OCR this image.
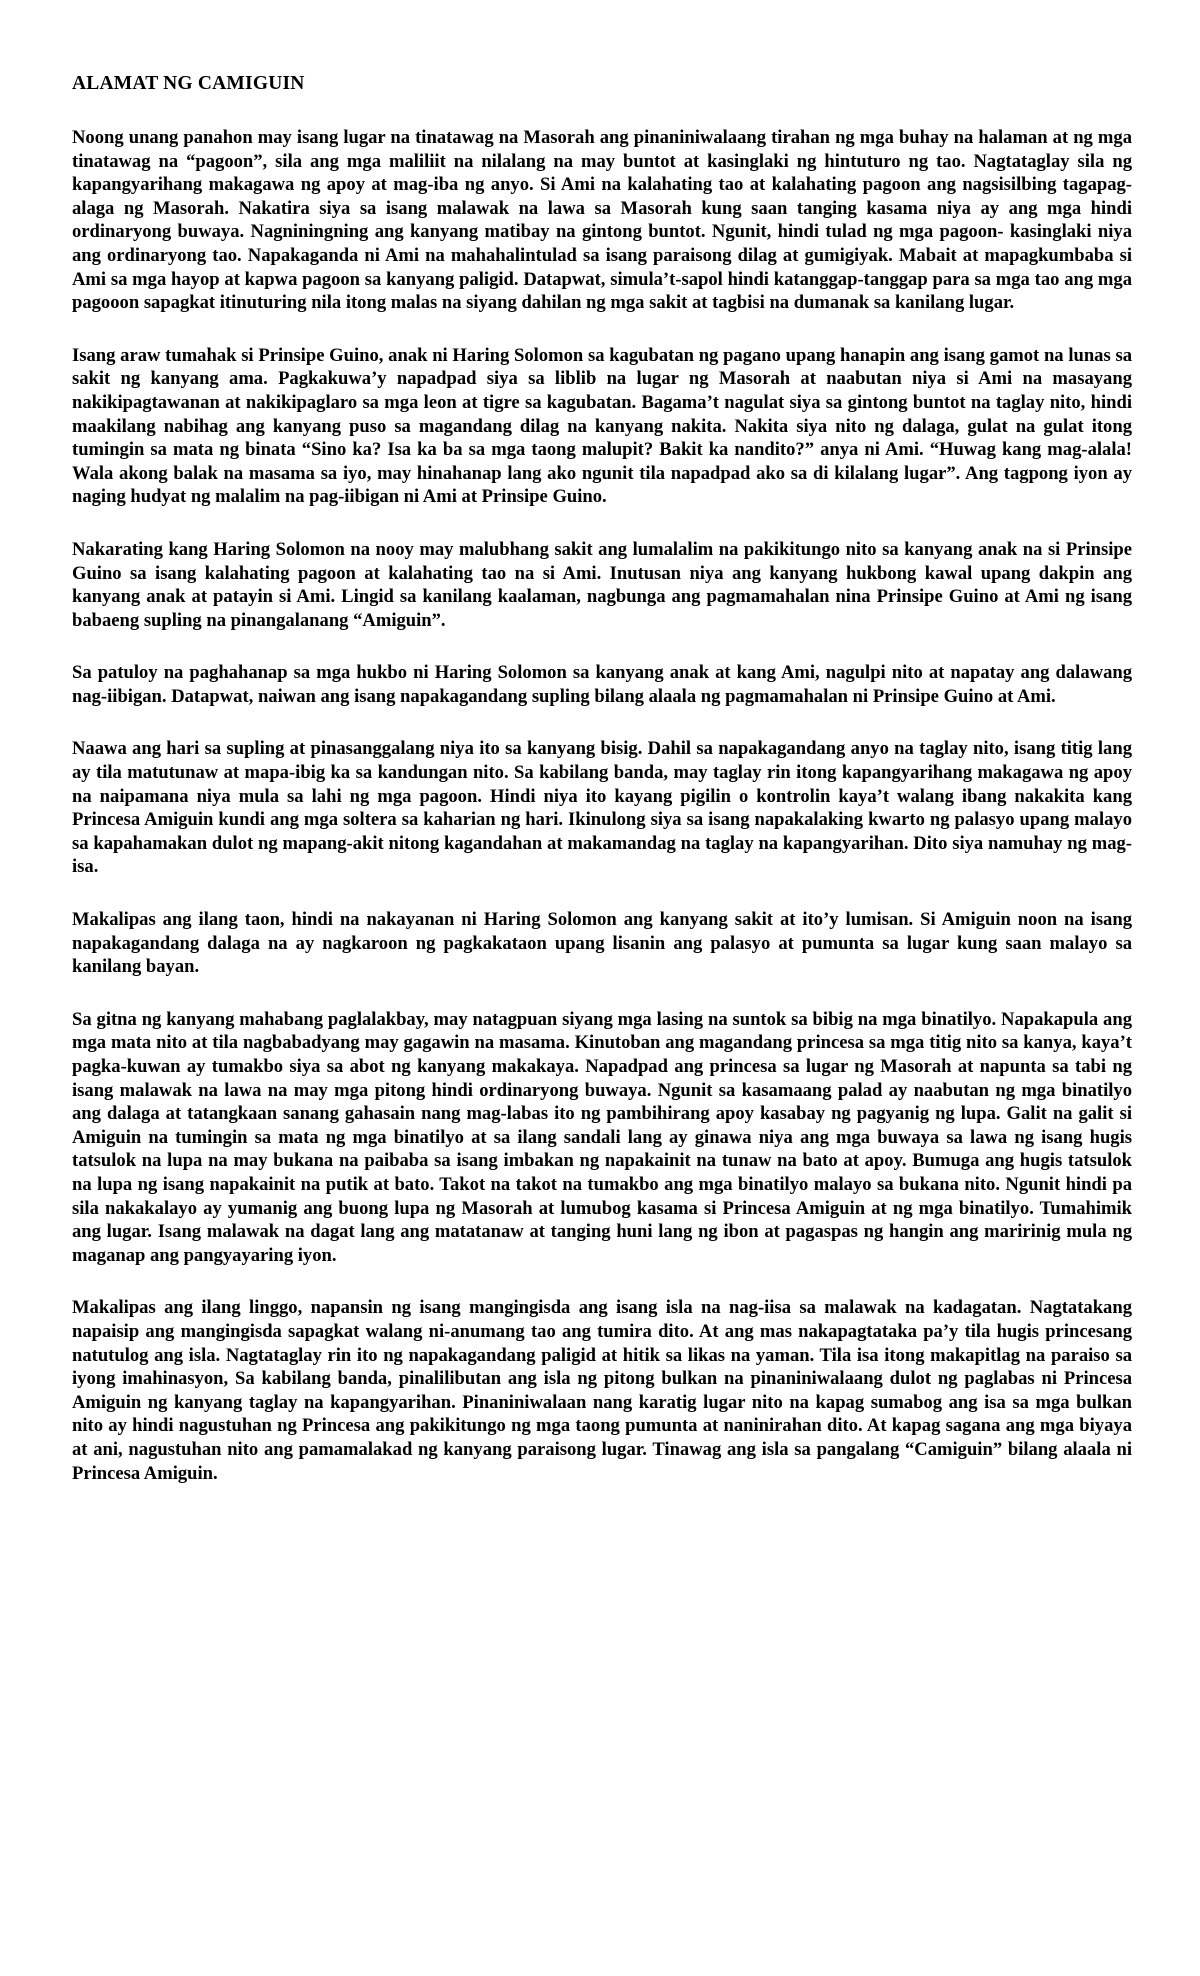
ALAMAT NG CAMIGUIN

Noong unang panahon may isang lugar na tinatawag na Masorah ang pinaniniwalaang tirahan ng mga buhay na halaman at ng mga tinatawag na “pagoon”, sila ang mga maliliit na nilalang na may buntot at kasinglaki ng hintuturo ng tao. Nagtataglay sila ng kapangyarihang makagawa ng apoy at mag-iba ng anyo. Si Ami na kalahating tao at kalahating pagoon ang nagsisilbing tagapag-alaga ng Masorah. Nakatira siya sa isang malawak na lawa sa Masorah kung saan tanging kasama niya ay ang mga hindi ordinaryong buwaya. Nagniningning ang kanyang matibay na gintong buntot. Ngunit, hindi tulad ng mga pagoon- kasinglaki niya ang ordinaryong tao. Napakaganda ni Ami na mahahalintulad sa isang paraisong dilag at gumigiyak. Mabait at mapagkumbaba si Ami sa mga hayop at kapwa pagoon sa kanyang paligid. Datapwat, simula’t-sapol hindi katanggap-tanggap para sa mga tao ang mga pagooon sapagkat itinuturing nila itong malas na siyang dahilan ng mga sakit at tagbisi na dumanak sa kanilang lugar.

Isang araw tumahak si Prinsipe Guino, anak ni Haring Solomon sa kagubatan ng pagano upang hanapin ang isang gamot na lunas sa sakit ng kanyang ama. Pagkakuwa’y napadpad siya sa liblib na lugar ng Masorah at naabutan niya si Ami na masayang nakikipagtawanan at nakikipaglaro sa mga leon at tigre sa kagubatan. Bagama’t nagulat siya sa gintong buntot na taglay nito, hindi maakilang nabihag ang kanyang puso sa magandang dilag na kanyang nakita. Nakita siya nito ng dalaga, gulat na gulat itong tumingin sa mata ng binata “Sino ka? Isa ka ba sa mga taong malupit? Bakit ka nandito?” anya ni Ami. “Huwag kang mag-alala! Wala akong balak na masama sa iyo, may hinahanap lang ako ngunit tila napadpad ako sa di kilalang lugar”. Ang tagpong iyon ay naging hudyat ng malalim na pag-iibigan ni Ami at Prinsipe Guino.

Nakarating kang Haring Solomon na nooy may malubhang sakit ang lumalalim na pakikitungo nito sa kanyang anak na si Prinsipe Guino sa isang kalahating pagoon at kalahating tao na si Ami. Inutusan niya ang kanyang hukbong kawal upang dakpin ang kanyang anak at patayin si Ami. Lingid sa kanilang kaalaman, nagbunga ang pagmamahalan nina Prinsipe Guino at Ami ng isang babaeng supling na pinangalanang “Amiguin”.

Sa patuloy na paghahanap sa mga hukbo ni Haring Solomon sa kanyang anak at kang Ami, nagulpi nito at napatay ang dalawang nag-iibigan. Datapwat, naiwan ang isang napakagandang supling bilang alaala ng pagmamahalan ni Prinsipe Guino at Ami.

Naawa ang hari sa supling at pinasanggalang niya ito sa kanyang bisig. Dahil sa napakagandang anyo na taglay nito, isang titig lang ay tila matutunaw at mapa-ibig ka sa kandungan nito. Sa kabilang banda, may taglay rin itong kapangyarihang makagawa ng apoy na naipamana niya mula sa lahi ng mga pagoon. Hindi niya ito kayang pigilin o kontrolin kaya’t walang ibang nakakita kang Princesa Amiguin kundi ang mga soltera sa kaharian ng hari. Ikinulong siya sa isang napakalaking kwarto ng palasyo upang malayo sa kapahamakan dulot ng mapang-akit nitong kagandahan at makamandag na taglay na kapangyarihan. Dito siya namuhay ng mag-isa.

Makalipas ang ilang taon, hindi na nakayanan ni Haring Solomon ang kanyang sakit at ito’y lumisan. Si Amiguin noon na isang napakagandang dalaga na ay nagkaroon ng pagkakataon upang lisanin ang palasyo at pumunta sa lugar kung saan malayo sa kanilang bayan.

Sa gitna ng kanyang mahabang paglalakbay, may natagpuan siyang mga lasing na suntok sa bibig na mga binatilyo. Napakapula ang mga mata nito at tila nagbabadyang may gagawin na masama. Kinutoban ang magandang princesa sa mga titig nito sa kanya, kaya’t pagka-kuwan ay tumakbo siya sa abot ng kanyang makakaya. Napadpad ang princesa sa lugar ng Masorah at napunta sa tabi ng isang malawak na lawa na may mga pitong hindi ordinaryong buwaya. Ngunit sa kasamaang palad ay naabutan ng mga binatilyo ang dalaga at tatangkaan sanang gahasain nang mag-labas ito ng pambihirang apoy kasabay ng pagyanig ng lupa. Galit na galit si Amiguin na tumingin sa mata ng mga binatilyo at sa ilang sandali lang ay ginawa niya ang mga buwaya sa lawa ng isang hugis tatsulok na lupa na may bukana na paibaba sa isang imbakan ng napakainit na tunaw na bato at apoy. Bumuga ang hugis tatsulok na lupa ng isang napakainit na putik at bato. Takot na takot na tumakbo ang mga binatilyo malayo sa bukana nito. Ngunit hindi pa sila nakakalayo ay yumanig ang buong lupa ng Masorah at lumubog kasama si Princesa Amiguin at ng mga binatilyo. Tumahimik ang lugar. Isang malawak na dagat lang ang matatanaw at tanging huni lang ng ibon at pagaspas ng hangin ang maririnig mula ng maganap ang pangyayaring iyon.

Makalipas ang ilang linggo, napansin ng isang mangingisda ang isang isla na nag-iisa sa malawak na kadagatan. Nagtatakang napaisip ang mangingisda sapagkat walang ni-anumang tao ang tumira dito. At ang mas nakapagtataka pa’y tila hugis princesang natutulog ang isla. Nagtataglay rin ito ng napakagandang paligid at hitik sa likas na yaman. Tila isa itong makapitlag na paraiso sa iyong imahinasyon, Sa kabilang banda, pinalilibutan ang isla ng pitong bulkan na pinaniniwalaang dulot ng paglabas ni Princesa Amiguin ng kanyang taglay na kapangyarihan. Pinaniniwalaan nang karatig lugar nito na kapag sumabog ang isa sa mga bulkan nito ay hindi nagustuhan ng Princesa ang pakikitungo ng mga taong pumunta at naninirahan dito. At kapag sagana ang mga biyaya at ani, nagustuhan nito ang pamamalakad ng kanyang paraisong lugar. Tinawag ang isla sa pangalang “Camiguin” bilang alaala ni Princesa Amiguin.
